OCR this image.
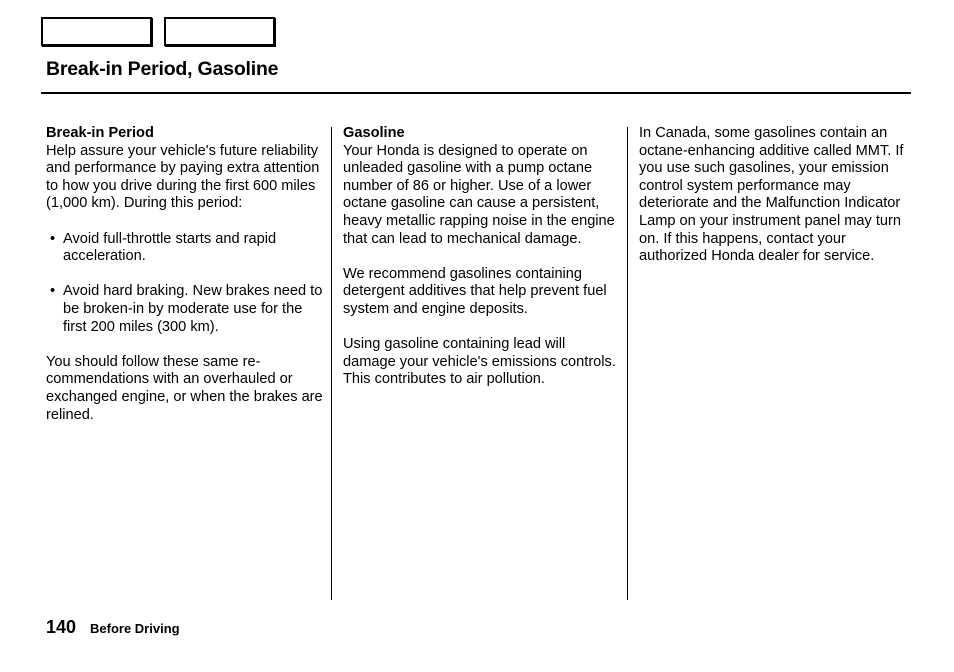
Break-in Period, Gasoline

Break-in Period

Help assure your vehicle's future reliability and performance by paying extra attention to how you drive during the first 600 miles (1,000 km). During this period:

• Avoid full-throttle starts and rapid acceleration.
• Avoid hard braking. New brakes need to be broken-in by moderate use for the first 200 miles (300 km).

You should follow these same re-commendations with an overhauled or exchanged engine, or when the brakes are relined.

Gasoline

Your Honda is designed to operate on unleaded gasoline with a pump octane number of 86 or higher. Use of a lower octane gasoline can cause a persistent, heavy metallic rapping noise in the engine that can lead to mechanical damage.

We recommend gasolines containing detergent additives that help prevent fuel system and engine deposits.

Using gasoline containing lead will damage your vehicle's emissions controls. This contributes to air pollution.

In Canada, some gasolines contain an octane-enhancing additive called MMT. If you use such gasolines, your emission control system performance may deteriorate and the Malfunction Indicator Lamp on your instrument panel may turn on. If this happens, contact your authorized Honda dealer for service.

140 Before Driving
